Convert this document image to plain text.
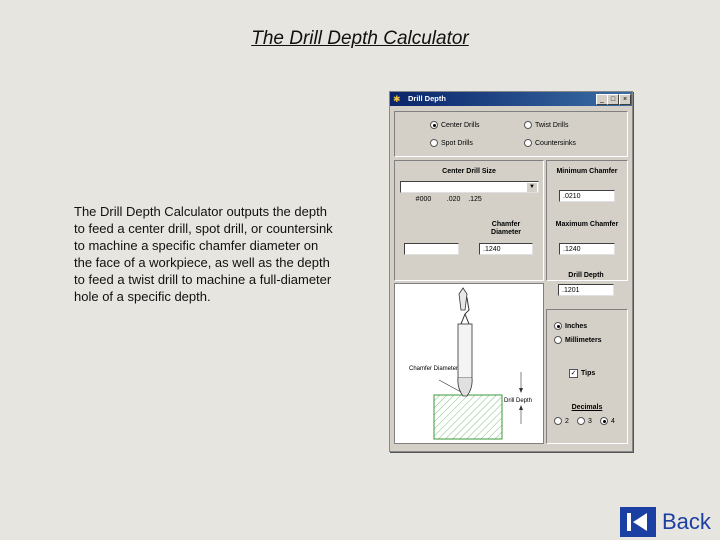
The Drill Depth Calculator
The Drill Depth Calculator outputs the depth to feed a center drill, spot drill, or countersink to machine a specific chamfer diameter on the face of a workpiece, as well as the depth to feed a twist drill to machine a full-diameter hole of a specific depth.
✱ Drill Depth	_ □	×
Center Drills	Twist Drills
Spot Drills	Countersinks
Center Drill Size

#000        .020    .125

▼

Chamfer Diameter
.1240
Minimum Chamfer
.0210
Maximum Chamfer
.1240
Drill Depth
.1201
Chamfer Diameter
Drill Depth
Inches
Millimeters
✓ Tips
Decimals
2	3	4
Back
